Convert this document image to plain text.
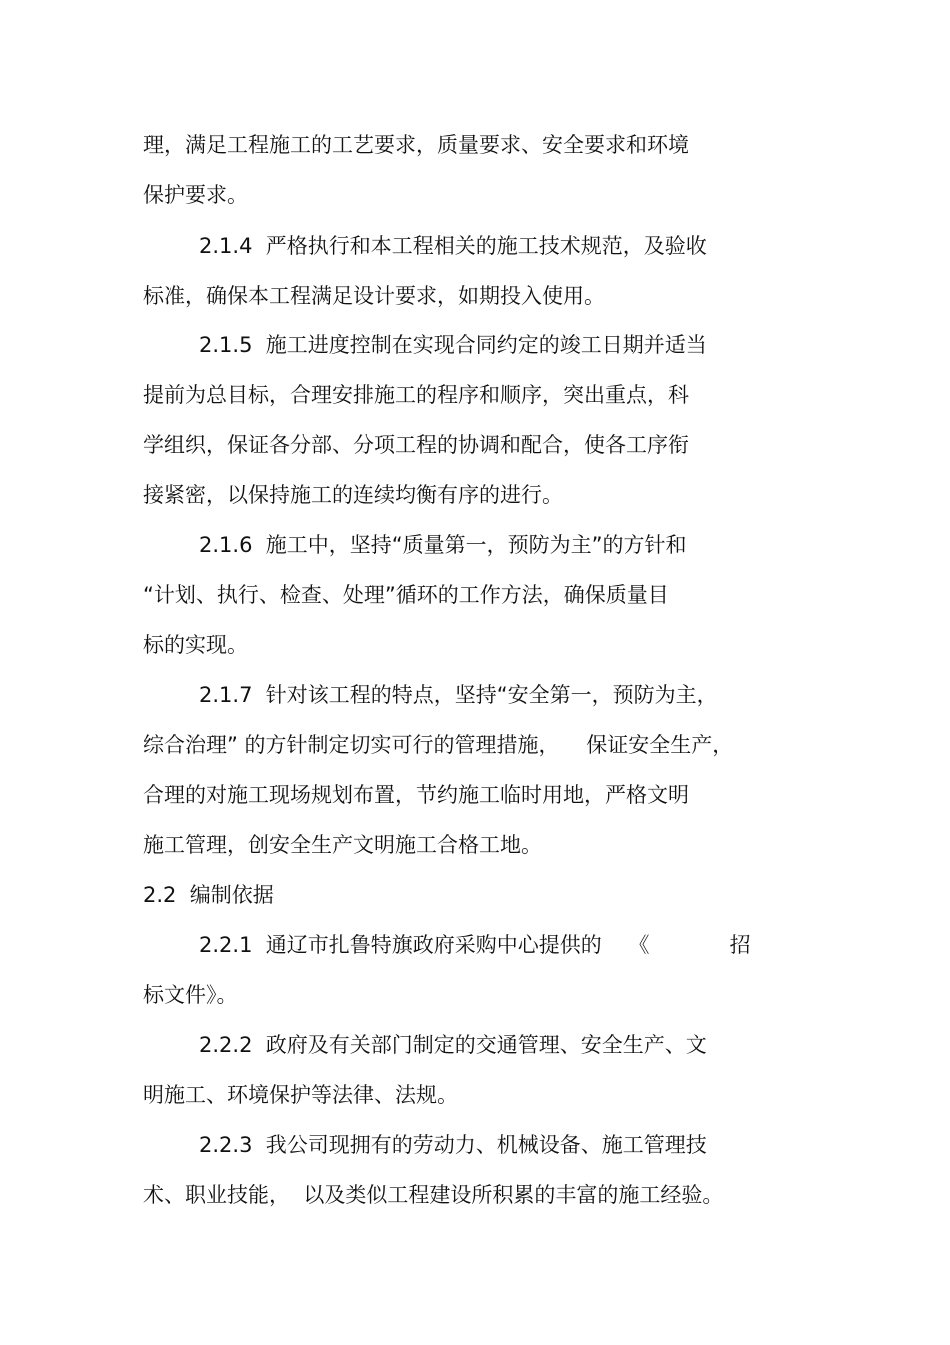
理，满足工程施工的工艺要求，质量要求、安全要求和环境
保护要求。
2.1.4  严格执行和本工程相关的施工技术规范，及验收
标准，确保本工程满足设计要求，如期投入使用。
2.1.5  施工进度控制在实现合同约定的竣工日期并适当
提前为总目标，合理安排施工的程序和顺序，突出重点，科
学组织，保证各分部、分项工程的协调和配合，使各工序衔
接紧密，以保持施工的连续均衡有序的进行。
2.1.6  施工中，坚持“质量第一，预防为主”的方针和
“计划、执行、检查、处理”循环的工作方法，确保质量目
标的实现。
2.1.7  针对该工程的特点，坚持“安全第一，预防为主，
综合治理” 的方针制定切实可行的管理措施，    保证安全生产，
合理的对施工现场规划布置，节约施工临时用地，严格文明
施工管理，创安全生产文明施工合格工地。
2.2  编制依据
2.2.1  通辽市扎鲁特旗政府采购中心提供的    《            招
标文件》。
2.2.2  政府及有关部门制定的交通管理、安全生产、文
明施工、环境保护等法律、法规。
2.2.3  我公司现拥有的劳动力、机械设备、施工管理技
术、职业技能，  以及类似工程建设所积累的丰富的施工经验。
